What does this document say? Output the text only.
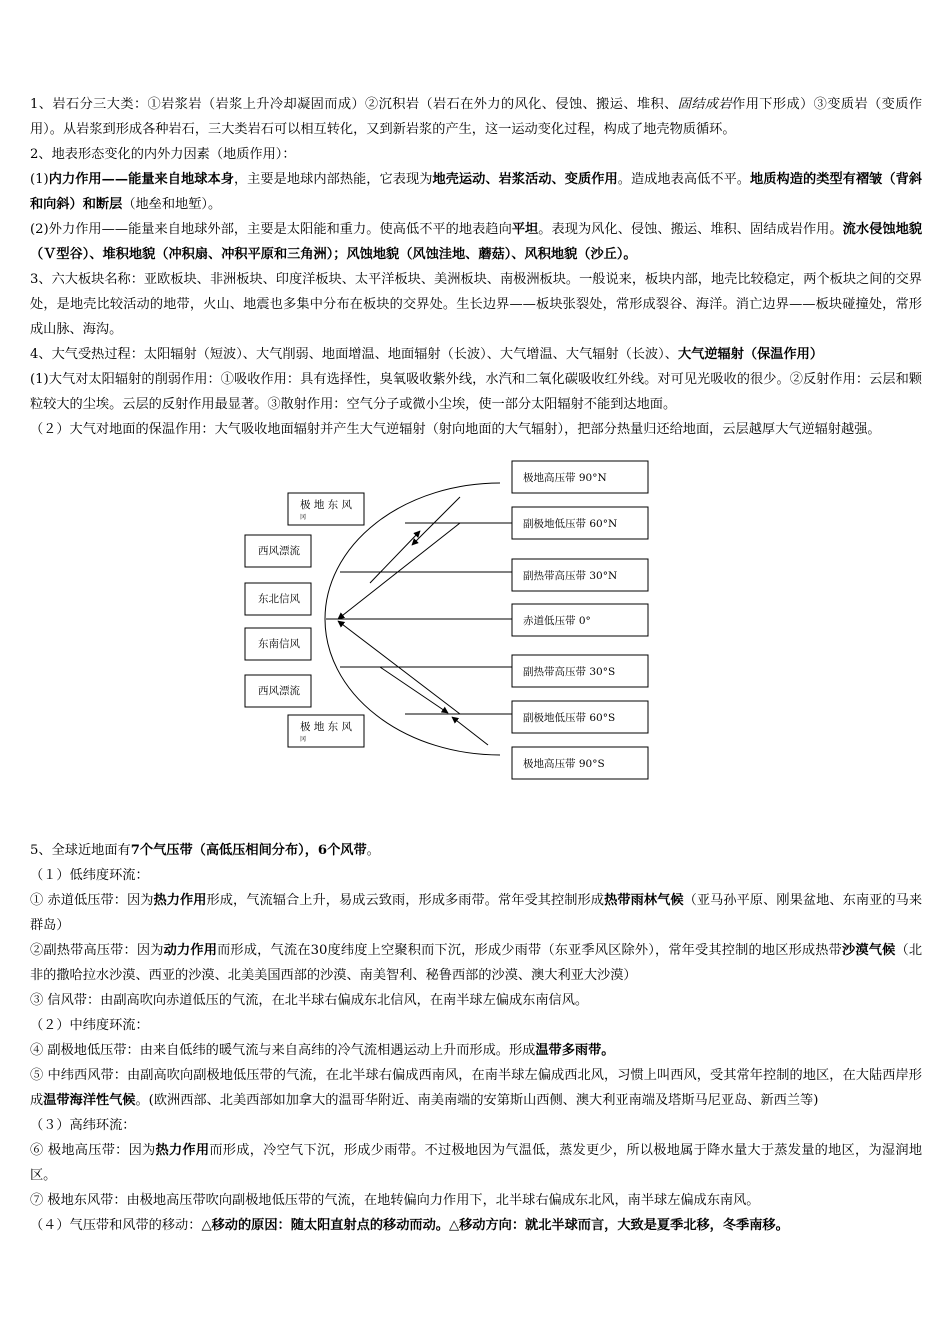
1、岩石分三大类：①岩浆岩（岩浆上升冷却凝固而成）②沉积岩（岩石在外力的风化、侵蚀、搬运、堆积、固结成岩作用下形成）③变质岩（变质作用）。从岩浆到形成各种岩石，三大类岩石可以相互转化，又到新岩浆的产生，这一运动变化过程，构成了地壳物质循环。

2、地表形态变化的内外力因素（地质作用）：

(1)内力作用——能量来自地球本身，主要是地球内部热能，它表现为地壳运动、岩浆活动、变质作用。造成地表高低不平。地质构造的类型有褶皱（背斜和向斜）和断层（地垒和地堑）。

(2)外力作用——能量来自地球外部，主要是太阳能和重力。使高低不平的地表趋向平坦。表现为风化、侵蚀、搬运、堆积、固结成岩作用。流水侵蚀地貌（Ｖ型谷）、堆积地貌（冲积扇、冲积平原和三角洲）；风蚀地貌（风蚀洼地、蘑菇）、风积地貌（沙丘）。

3、六大板块名称：亚欧板块、非洲板块、印度洋板块、太平洋板块、美洲板块、南极洲板块。一般说来，板块内部，地壳比较稳定，两个板块之间的交界处，是地壳比较活动的地带，火山、地震也多集中分布在板块的交界处。生长边界——板块张裂处，常形成裂谷、海洋。消亡边界——板块碰撞处，常形成山脉、海沟。

4、大气受热过程：太阳辐射（短波）、大气削弱、地面增温、地面辐射（长波）、大气增温、大气辐射（长波）、大气逆辐射（保温作用）

(1)大气对太阳辐射的削弱作用：①吸收作用：具有选择性，臭氧吸收紫外线，水汽和二氧化碳吸收红外线。对可见光吸收的很少。②反射作用：云层和颗粒较大的尘埃。云层的反射作用最显著。③散射作用：空气分子或微小尘埃，使一部分太阳辐射不能到达地面。

（２）大气对地面的保温作用：大气吸收地面辐射并产生大气逆辐射（射向地面的大气辐射），把部分热量归还给地面，云层越厚大气逆辐射越强。

极地高压带 90°N
副极地低压带 60°N
副热带高压带 30°N
赤道低压带 0°
副热带高压带 30°S
副极地低压带 60°S
极地高压带 90°S
极 地 东 风
冈
西风漂流
东北信风
东南信风
西风漂流
极 地 东 风
冈

5、全球近地面有7个气压带（高低压相间分布），6个风带。

（１）低纬度环流：

① 赤道低压带：因为热力作用形成，气流辐合上升，易成云致雨，形成多雨带。常年受其控制形成热带雨林气候（亚马孙平原、刚果盆地、东南亚的马来群岛）

②副热带高压带：因为动力作用而形成，气流在30度纬度上空聚积而下沉，形成少雨带（东亚季风区除外），常年受其控制的地区形成热带沙漠气候（北非的撒哈拉水沙漠、西亚的沙漠、北美美国西部的沙漠、南美智利、秘鲁西部的沙漠、澳大利亚大沙漠）

③ 信风带：由副高吹向赤道低压的气流，在北半球右偏成东北信风，在南半球左偏成东南信风。

（２）中纬度环流：

④ 副极地低压带：由来自低纬的暖气流与来自高纬的冷气流相遇运动上升而形成。形成温带多雨带。

⑤ 中纬西风带：由副高吹向副极地低压带的气流，在北半球右偏成西南风，在南半球左偏成西北风，习惯上叫西风，受其常年控制的地区，在大陆西岸形成温带海洋性气候。(欧洲西部、北美西部如加拿大的温哥华附近、南美南端的安第斯山西侧、澳大利亚南端及塔斯马尼亚岛、新西兰等)

（３）高纬环流：

⑥ 极地高压带：因为热力作用而形成，冷空气下沉，形成少雨带。不过极地因为气温低，蒸发更少，所以极地属于降水量大于蒸发量的地区，为湿润地区。

⑦ 极地东风带：由极地高压带吹向副极地低压带的气流，在地转偏向力作用下，北半球右偏成东北风，南半球左偏成东南风。

（４）气压带和风带的移动：△移动的原因：随太阳直射点的移动而动。△移动方向：就北半球而言，大致是夏季北移，冬季南移。
